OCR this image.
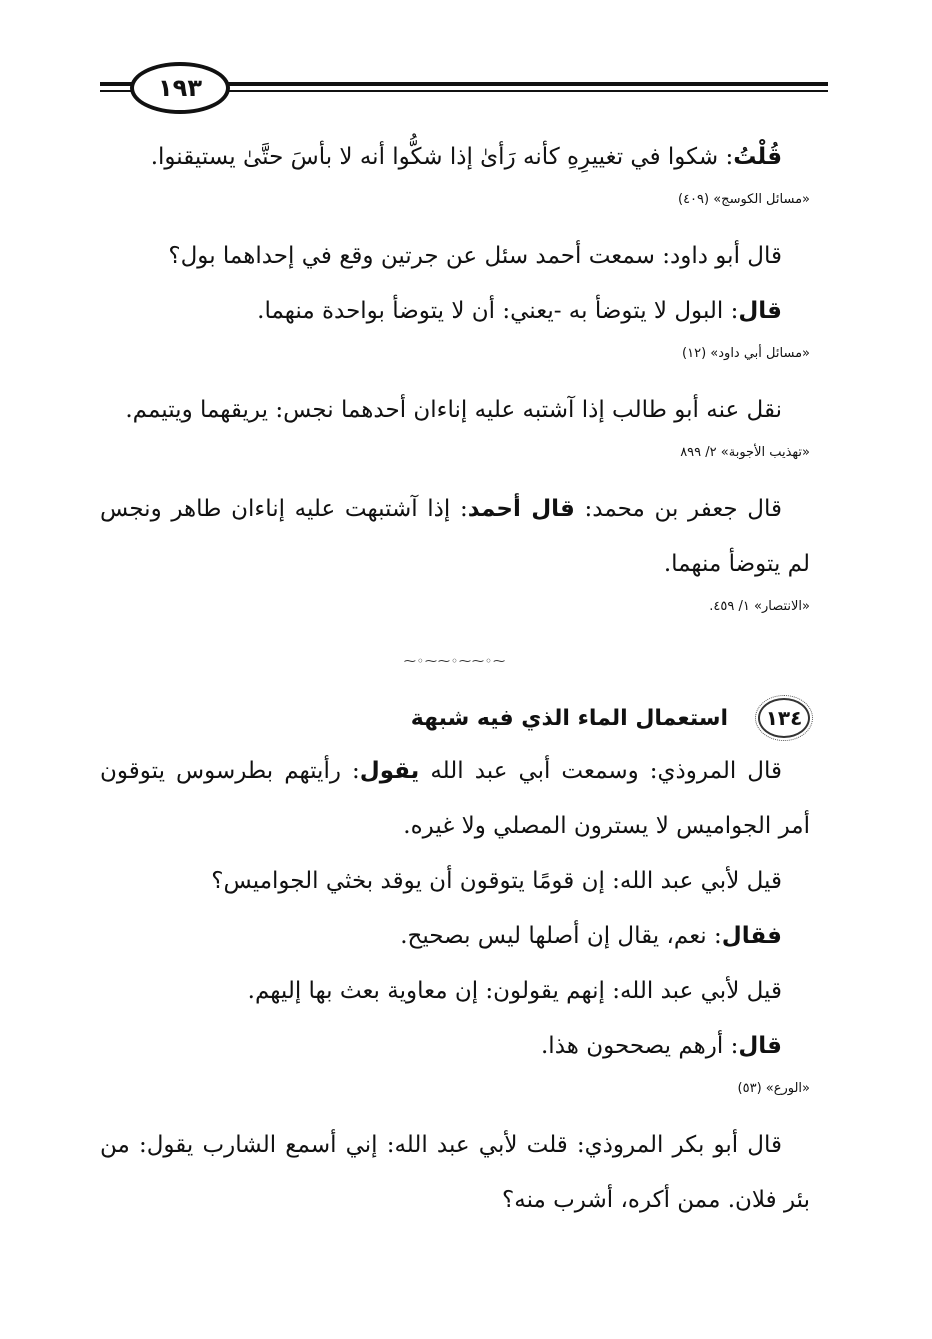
١٩٣

قُلْتُ: شكوا في تغييرِهِ كأنه رَأىٰ إذا شكُّوا أنه لا بأسَ حتَّىٰ يستيقنوا.

«مسائل الكوسج» (٤٠٩)

قال أبو داود: سمعت أحمد سئل عن جرتين وقع في إحداهما بول؟

قال: البول لا يتوضأ به -يعني: أن لا يتوضأ بواحدة منهما.

«مسائل أبي داود» (١٢)

نقل عنه أبو طالب إذا آشتبه عليه إناءان أحدهما نجس: يريقهما ويتيمم.

«تهذيب الأجوبة» ٢/ ٨٩٩

قال جعفر بن محمد: قال أحمد: إذا آشتبهت عليه إناءان طاهر ونجس لم يتوضأ منهما.

«الانتصار» ١/ ٤٥٩.
⁓◦⁓⁓◦⁓⁓◦⁓
١٣٤
استعمال الماء الذي فيه شبهة

قال المروذي: وسمعت أبي عبد الله يقول: رأيتهم بطرسوس يتوقون أمر الجواميس لا يسترون المصلي ولا غيره.

قيل لأبي عبد الله: إن قومًا يتوقون أن يوقد بخثي الجواميس؟

فقال: نعم، يقال إن أصلها ليس بصحيح.

قيل لأبي عبد الله: إنهم يقولون: إن معاوية بعث بها إليهم.

قال: أرهم يصححون هذا.

«الورع» (٥٣)

قال أبو بكر المروذي: قلت لأبي عبد الله: إني أسمع الشارب يقول: من بئر فلان. ممن أكره، أشرب منه؟
